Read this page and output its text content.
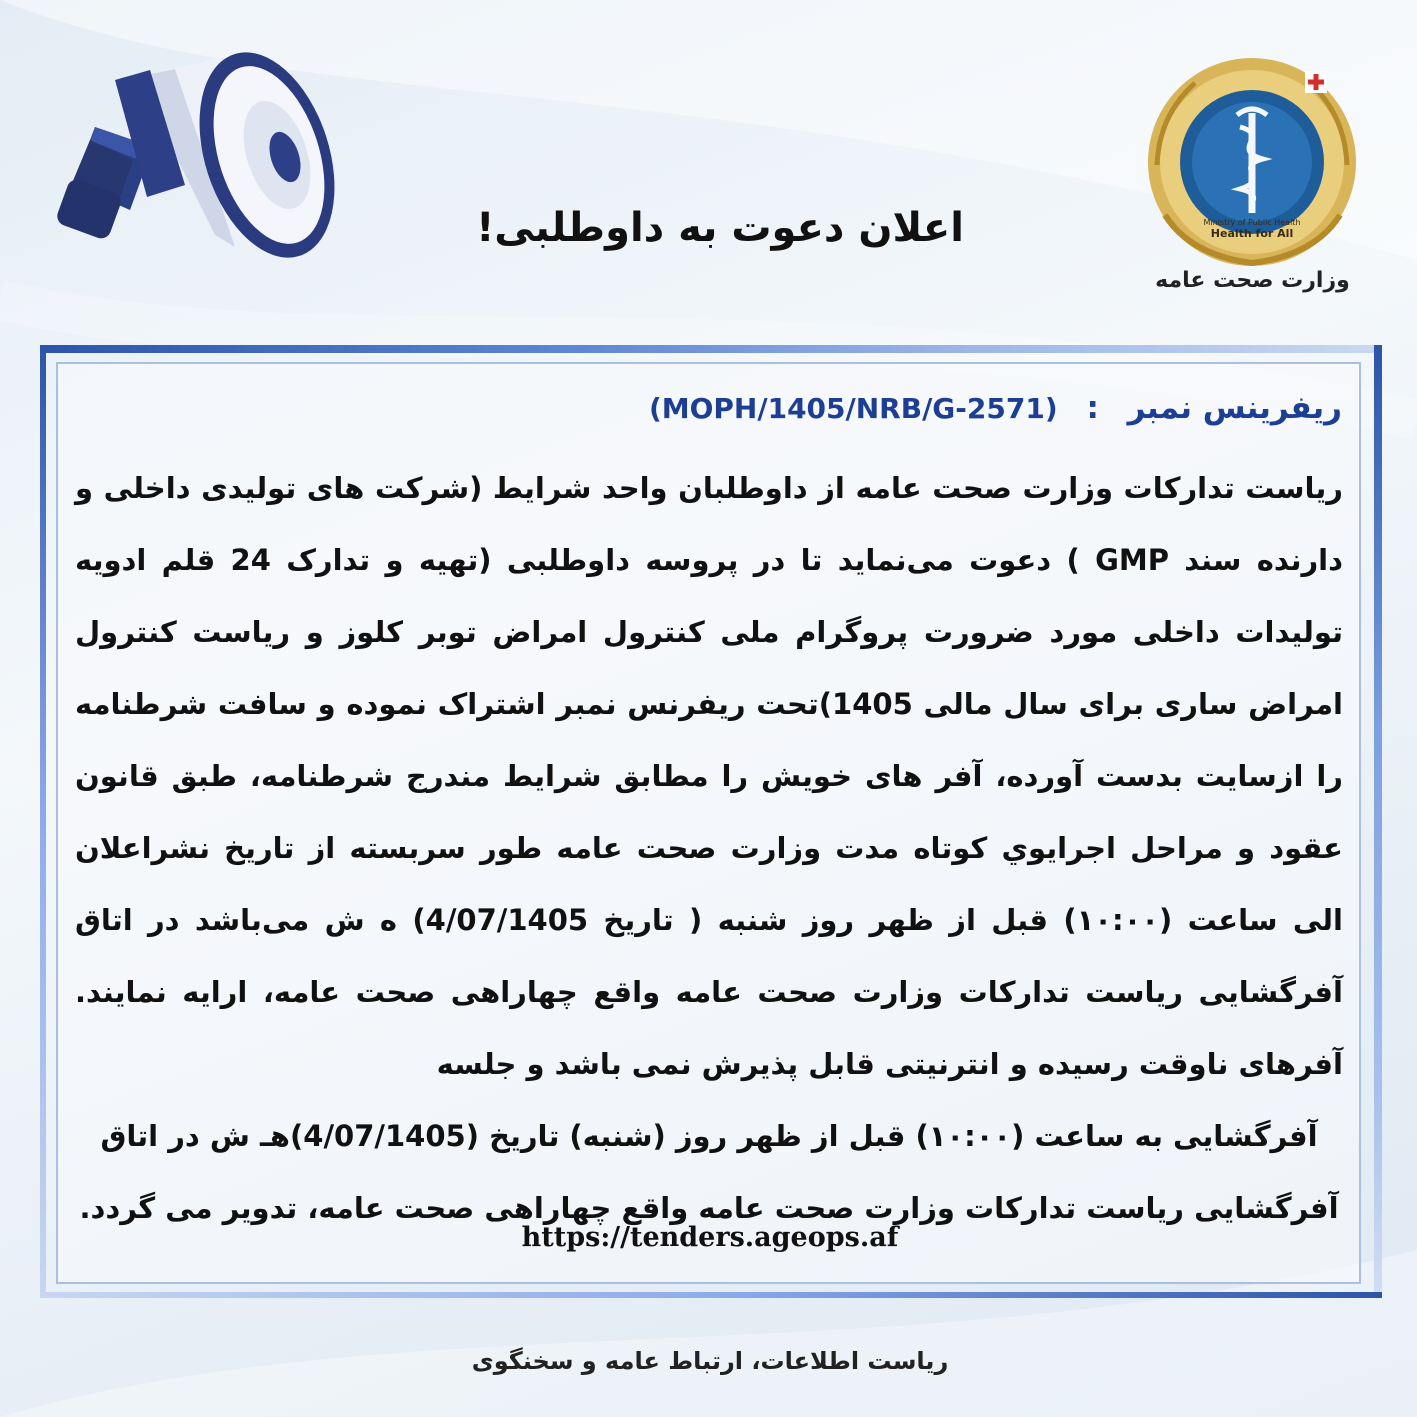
Health for All
Ministry of Public Health
وزارت صحت عامه
اعلان دعوت به داوطلبی!
ریفرینس نمبر : (MOPH/1405/NRB/G-2571)

ریاست تدارکات وزارت صحت عامه از داوطلبان واحد شرایط (شرکت های تولیدی داخلی و دارنده سند GMP ) دعوت می‌نماید تا در پروسه داوطلبی (تهیه و تدارک 24 قلم ادویه تولیدات داخلی مورد ضرورت پروگرام ملی کنترول امراض توبر کلوز و ریاست کنترول امراض ساری برای سال مالی 1405)تحت ریفرنس نمبر اشتراک نموده و سافت شرطنامه را ازسایت بدست آورده، آفر های خویش را مطابق شرایط مندرج شرطنامه، طبق قانون عقود و مراحل اجرايوي کوتاه مدت وزارت صحت عامه طور سربسته از تاریخ نشراعلان الی ساعت (۱۰:۰۰) قبل از ظهر روز شنبه ( تاریخ 4/07/1405) ه ش می‌باشد در اتاق آفرگشایی ریاست تدارکات وزارت صحت عامه واقع چهاراهی صحت عامه، ارایه نمایند. آفرهای ناوقت رسیده و انترنیتی قابل پذیرش نمی باشد و جلسه

آفرگشایی به ساعت (۱۰:۰۰) قبل از ظهر روز (شنبه) تاریخ (4/07/1405)هـ ش در اتاق

آفرگشایی ریاست تدارکات وزارت صحت عامه واقع چهاراهی صحت عامه، تدویر می گردد.

https://tenders.ageops.af
ریاست اطلاعات، ارتباط عامه و سخنگوی
